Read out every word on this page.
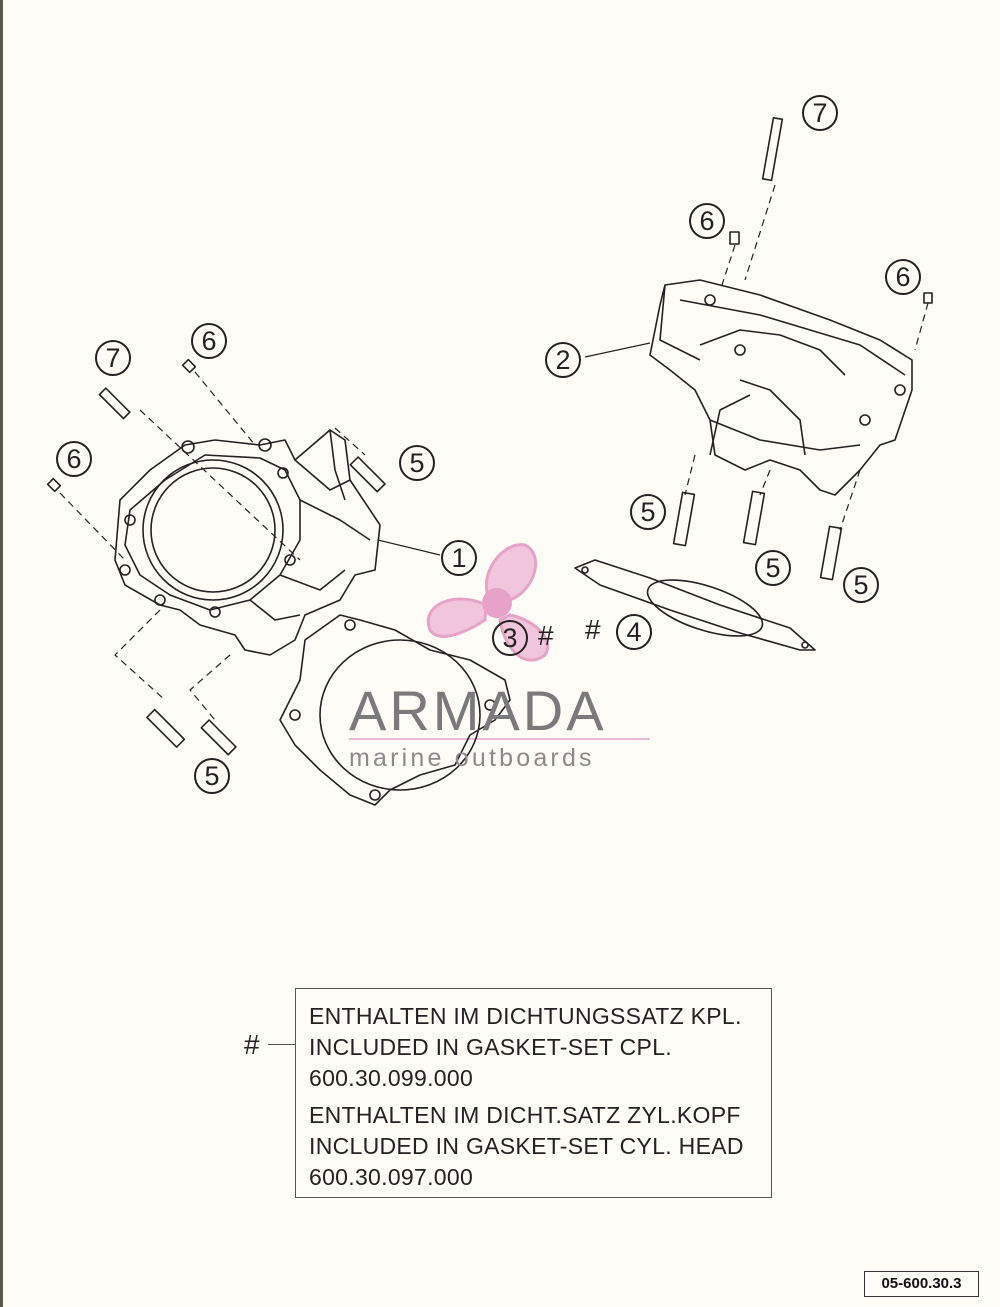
ARMADA
marine outboards
1
2
3 # # 4
5
5
5
5
5
6
6
6
6
7
7
#
ENTHALTEN IM DICHTUNGSSATZ KPL.
INCLUDED IN GASKET-SET CPL.
600.30.099.000
ENTHALTEN IM DICHT.SATZ ZYL.KOPF
INCLUDED IN GASKET-SET CYL. HEAD
600.30.097.000
05-600.30.3
